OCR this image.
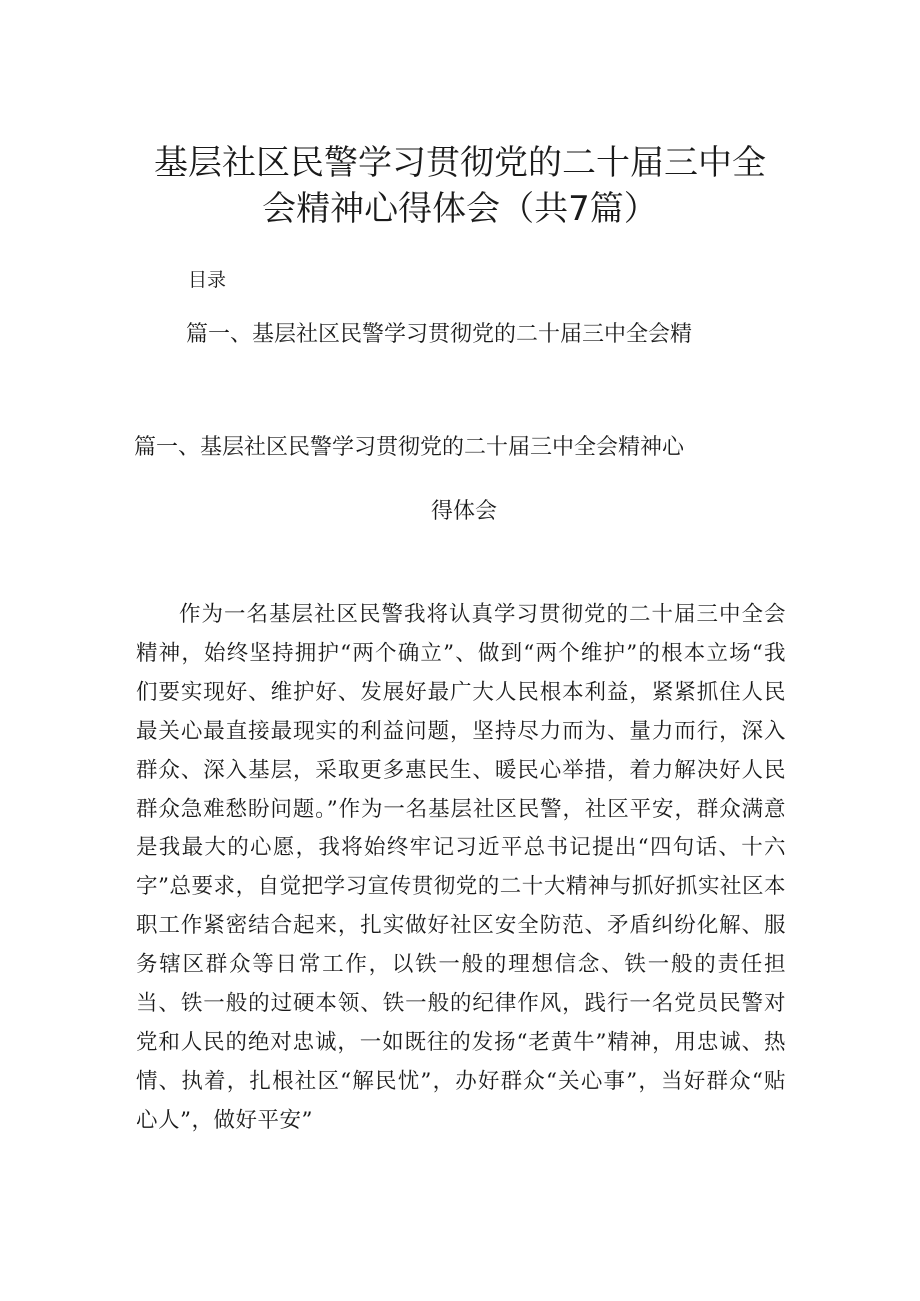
基层社区民警学习贯彻党的二十届三中全
会精神心得体会（共7篇）
目录
篇一、基层社区民警学习贯彻党的二十届三中全会精
篇一、基层社区民警学习贯彻党的二十届三中全会精神心
得体会

作为一名基层社区民警我将认真学习贯彻党的二十届三中全会精神，始终坚持拥护“两个确立”、做到“两个维护”的根本立场“我们要实现好、维护好、发展好最广大人民根本利益，紧紧抓住人民最关心最直接最现实的利益问题，坚持尽力而为、量力而行，深入群众、深入基层，采取更多惠民生、暖民心举措，着力解决好人民群众急难愁盼问题。”作为一名基层社区民警，社区平安，群众满意是我最大的心愿，我将始终牢记习近平总书记提出“四句话、十六字”总要求，自觉把学习宣传贯彻党的二十大精神与抓好抓实社区本职工作紧密结合起来，扎实做好社区安全防范、矛盾纠纷化解、服务辖区群众等日常工作，以铁一般的理想信念、铁一般的责任担当、铁一般的过硬本领、铁一般的纪律作风，践行一名党员民警对党和人民的绝对忠诚，一如既往的发扬“老黄牛”精神，用忠诚、热情、执着，扎根社区“解民忧”，办好群众“关心事”，当好群众“贴心人”，做好平安”
